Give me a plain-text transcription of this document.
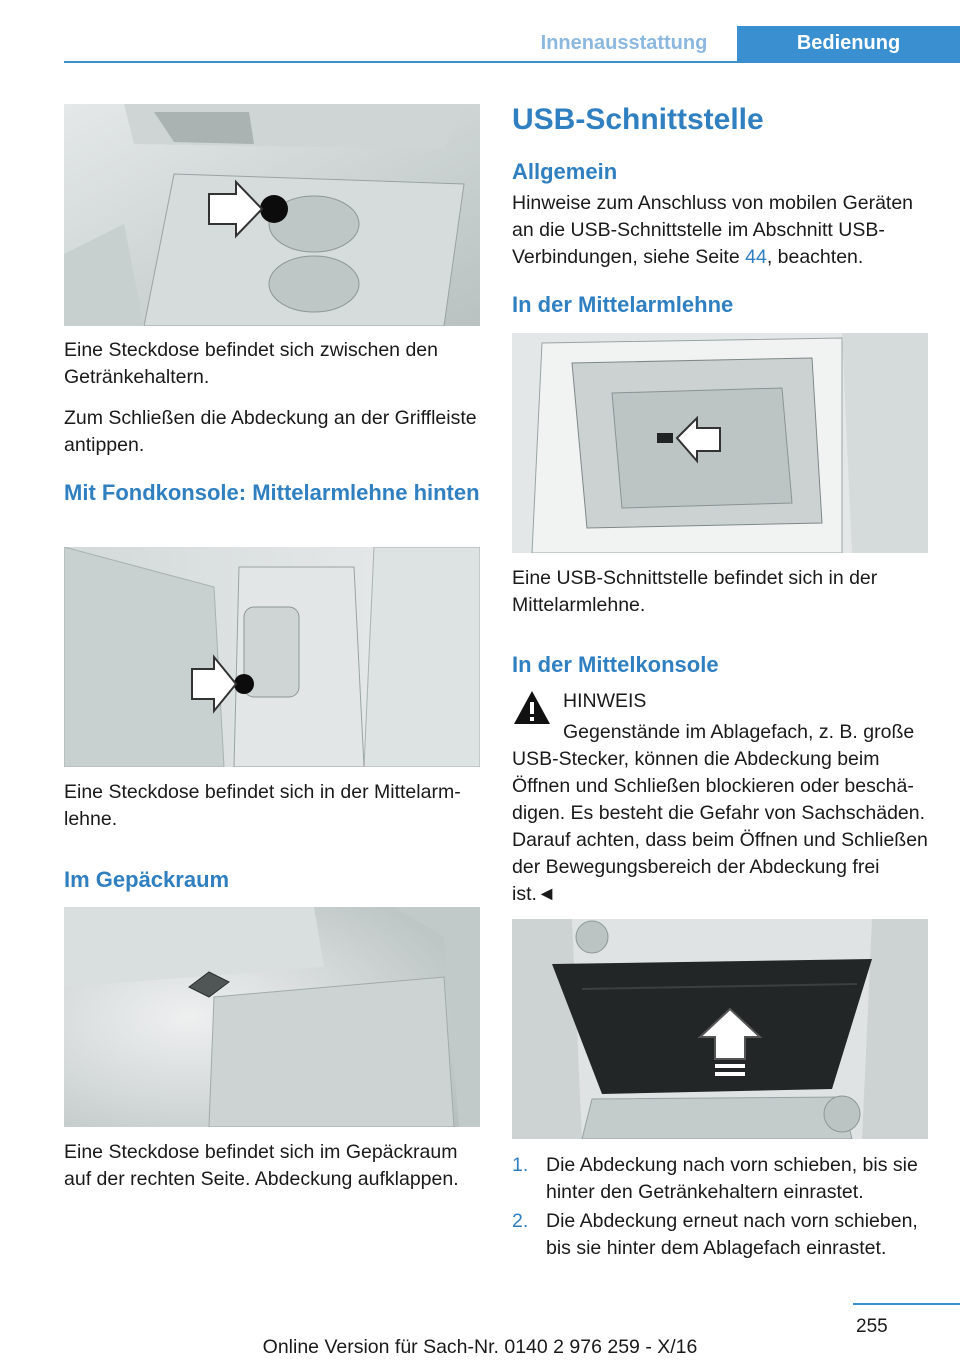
Innenausstattung	Bedienung
Eine Steckdose befindet sich zwischen den Getränkehaltern.
Zum Schließen die Abdeckung an der Griffleiste antippen.
Mit Fondkonsole: Mittelarmlehne hinten
Eine Steckdose befindet sich in der Mittelarmlehne.
Im Gepäckraum
Eine Steckdose befindet sich im Gepäckraum auf der rechten Seite. Abdeckung aufklappen.
USB-Schnittstelle
Allgemein
Hinweise zum Anschluss von mobilen Geräten an die USB-Schnittstelle im Abschnitt USB-Verbindungen, siehe Seite 44, beachten.
In der Mittelarmlehne
Eine USB-Schnittstelle befindet sich in der Mittelarmlehne.
In der Mittelkonsole
HINWEIS
Gegenstände im Ablagefach, z. B. große
USB-Stecker, können die Abdeckung beim Öffnen und Schließen blockieren oder beschädigen. Es besteht die Gefahr von Sachschäden. Darauf achten, dass beim Öffnen und Schließen der Bewegungsbereich der Abdeckung frei ist.◄
1. Die Abdeckung nach vorn schieben, bis sie hinter den Getränkehaltern einrastet.
2. Die Abdeckung erneut nach vorn schieben, bis sie hinter dem Ablagefach einrastet.
255
Online Version für Sach-Nr. 0140 2 976 259 - X/16
